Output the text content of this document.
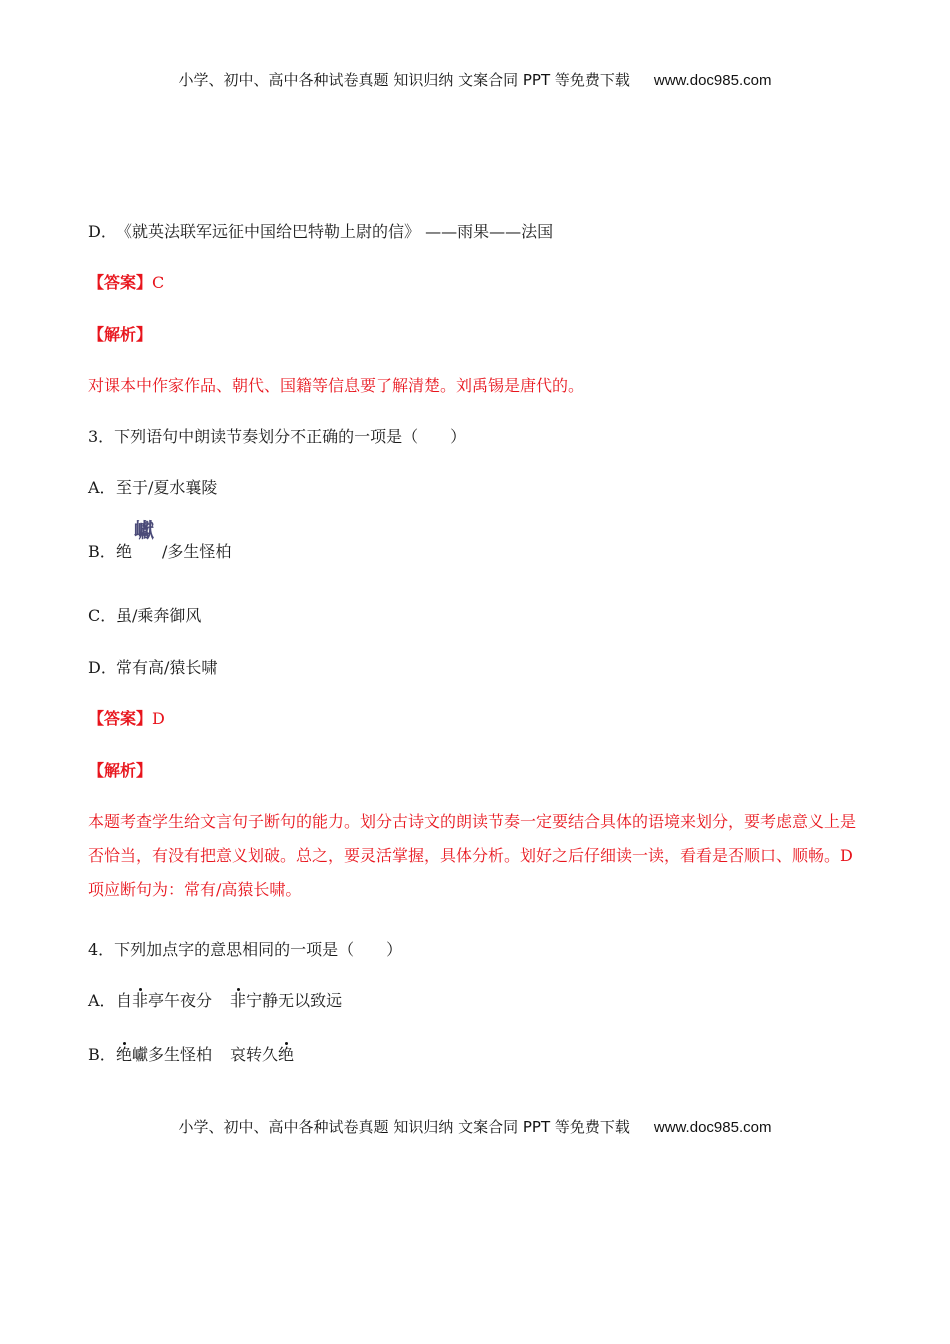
小学、初中、高中各种试卷真题 知识归纳 文案合同 PPT 等免费下载 www.doc985.com
D．《就英法联军远征中国给巴特勒上尉的信》 ——雨果——法国
【答案】C
【解析】
对课本中作家作品、朝代、国籍等信息要了解清楚。刘禹锡是唐代的。
3．下列语句中朗读节奏划分不正确的一项是（　　）
A．至于/夏水襄陵
B．绝
巘
/多生怪柏
C．虽/乘奔御风
D．常有高/猿长啸
【答案】D
【解析】
本题考查学生给文言句子断句的能力。划分古诗文的朗读节奏一定要结合具体的语境来划分，要考虑意义上是否恰当，有没有把意义划破。总之，要灵活掌握，具体分析。划好之后仔细读一读，看看是否顺口、顺畅。D 项应断句为：常有/高猿长啸。
4．下列加点字的意思相同的一项是（　　）
A．自非亭午夜分 非宁静无以致远
B．绝巘多生怪柏 哀转久绝
小学、初中、高中各种试卷真题 知识归纳 文案合同 PPT 等免费下载 www.doc985.com
